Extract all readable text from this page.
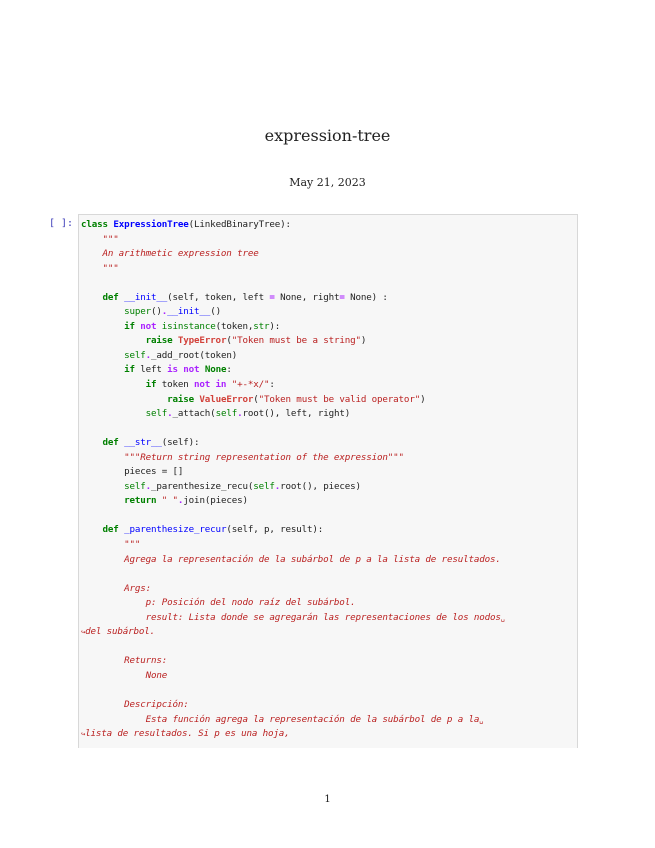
expression-tree
May 21, 2023
[ ]: class ExpressionTree(LinkedBinaryTree):
"""
An arithmetic expression tree
"""

def __init__(self, token, left = None, right= None) :
super().__init__()
if not isinstance(token,str):
raise TypeError("Token must be a string")
self._add_root(token)
if left is not None:
if token not in "+-*x/":
raise ValueError("Token must be valid operator")
self._attach(self.root(), left, right)

def __str__(self):
"""Return string representation of the expression"""
pieces = []
self._parenthesize_recu(self.root(), pieces)
return " ".join(pieces)

def _parenthesize_recur(self, p, result):
"""
Agrega la representación de la subárbol de p a la lista de resultados.

Args:
p: Posición del nodo raíz del subárbol.
result: Lista donde se agregarán las representaciones de los nodos␣
↪del subárbol.

Returns:
None

Descripción:
Esta función agrega la representación de la subárbol de p a la␣
↪lista de resultados. Si p es una hoja,
1
